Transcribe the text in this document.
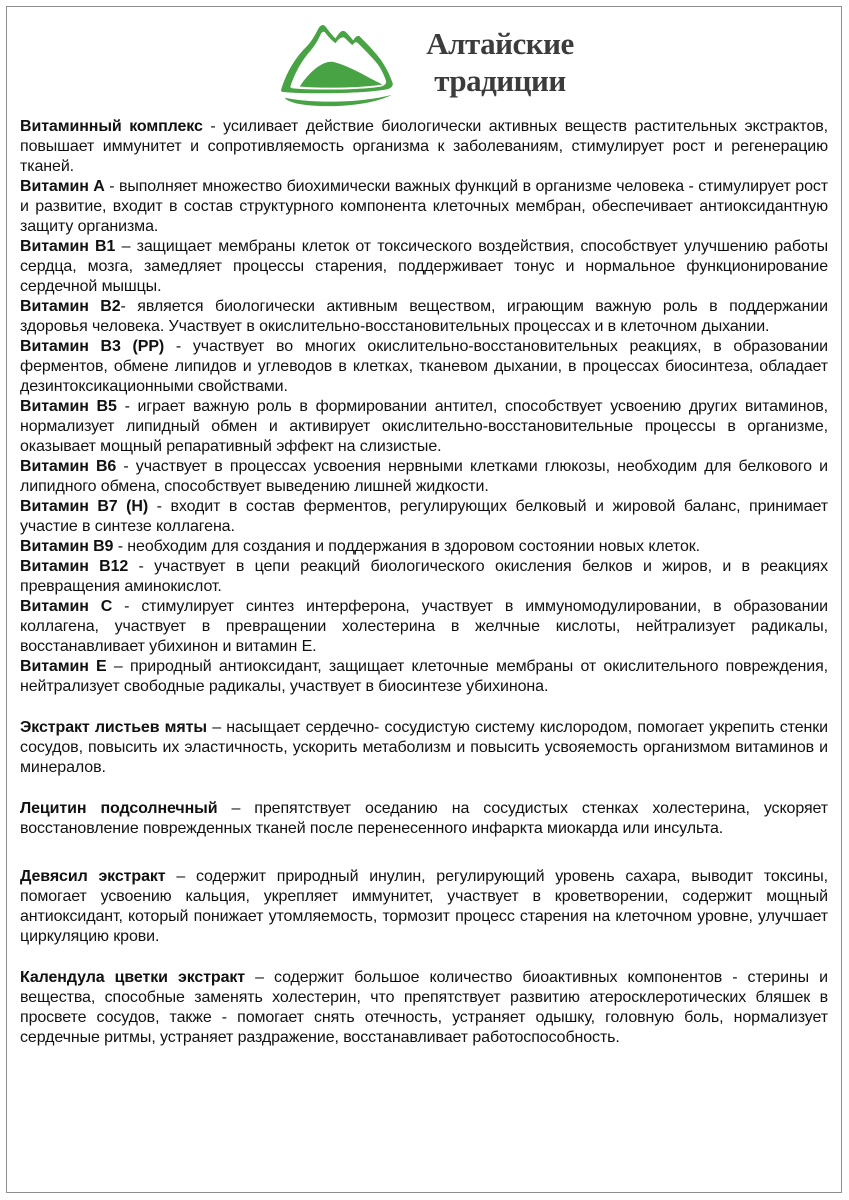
Алтайские
традиции

Витаминный комплекс - усиливает действие биологически активных веществ растительных экстрактов, повышает иммунитет и сопротивляемость организма к заболеваниям, стимулирует рост и регенерацию тканей.

Витамин А - выполняет множество биохимически важных функций в организме человека - стимулирует рост и развитие, входит в состав структурного компонента клеточных мембран, обеспечивает антиоксидантную защиту организма.

Витамин В1 – защищает мембраны клеток от токсического воздействия, способствует улучшению работы сердца, мозга, замедляет процессы старения, поддерживает тонус и нормальное функционирование сердечной мышцы.

Витамин В2- является биологически активным веществом, играющим важную роль в поддержании здоровья человека. Участвует в окислительно-восстановительных процессах и в клеточном дыхании.

Витамин В3 (РР) - участвует во многих окислительно-восстановительных реакциях, в образовании ферментов, обмене липидов и углеводов в клетках, тканевом дыхании, в процессах биосинтеза, обладает дезинтоксикационными свойствами.

Витамин В5 - играет важную роль в формировании антител, способствует усвоению других витаминов, нормализует липидный обмен и активирует окислительно-восстановительные процессы в организме, оказывает мощный репаративный эффект на слизистые.

Витамин В6 - участвует в процессах усвоения нервными клетками глюкозы, необходим для белкового и липидного обмена, способствует выведению лишней жидкости.

Витамин В7 (Н) - входит в состав ферментов, регулирующих белковый и жировой баланс, принимает участие в синтезе коллагена.

Витамин В9 - необходим для создания и поддержания в здоровом состоянии новых клеток.

Витамин В12 - участвует в цепи реакций биологического окисления белков и жиров, и в реакциях превращения аминокислот.

Витамин С - стимулирует синтез интерферона, участвует в иммуномодулировании, в образовании коллагена, участвует в превращении холестерина в желчные кислоты, нейтрализует радикалы, восстанавливает убихинон и витамин Е.

Витамин Е – природный антиоксидант, защищает клеточные мембраны от окислительного повреждения, нейтрализует свободные радикалы, участвует в биосинтезе убихинона.

Экстракт листьев мяты – насыщает сердечно- сосудистую систему кислородом, помогает укрепить стенки сосудов, повысить их эластичность, ускорить метаболизм и повысить усвояемость организмом витаминов и минералов.

Лецитин подсолнечный – препятствует оседанию на сосудистых стенках холестерина, ускоряет восстановление поврежденных тканей после перенесенного инфаркта миокарда или инсульта.

Девясил экстракт – содержит природный инулин, регулирующий уровень сахара, выводит токсины, помогает усвоению кальция, укрепляет иммунитет, участвует в кроветворении, содержит мощный антиоксидант, который понижает утомляемость, тормозит процесс старения на клеточном уровне, улучшает циркуляцию крови.

Календула цветки экстракт – содержит большое количество биоактивных компонентов - стерины и вещества, способные заменять холестерин, что препятствует развитию атеросклеротических бляшек в просвете сосудов, также - помогает снять отечность, устраняет одышку, головную боль, нормализует сердечные ритмы, устраняет раздражение, восстанавливает работоспособность.
